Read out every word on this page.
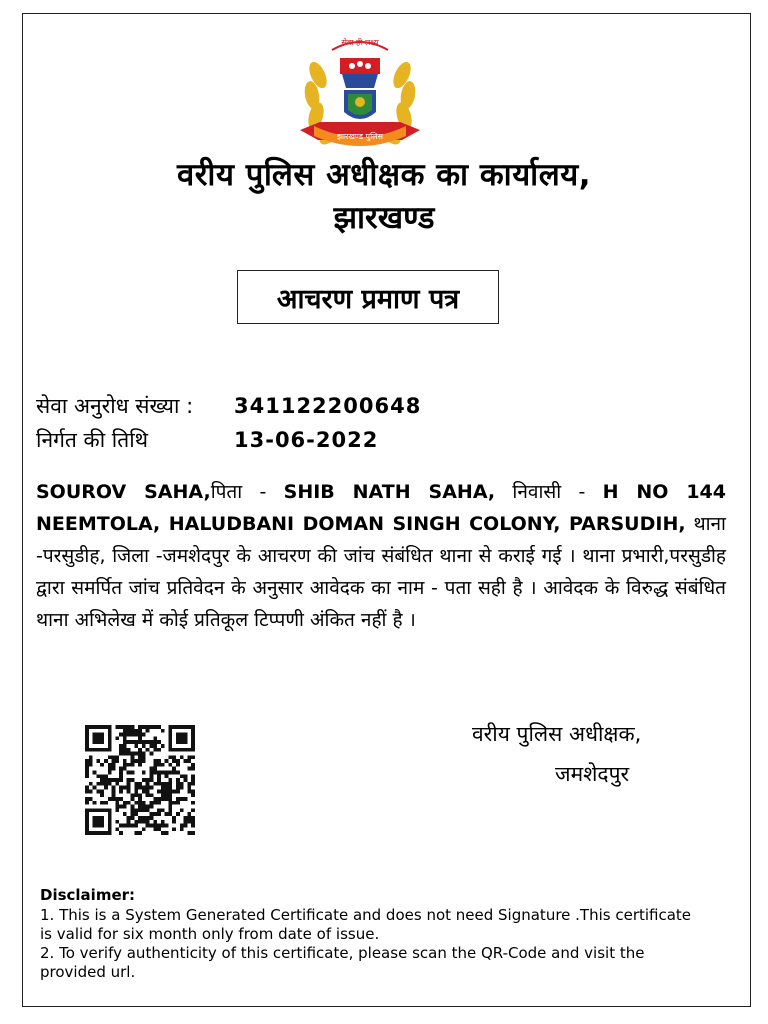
सेवा ही लक्ष्य
झारखण्ड पुलिस
वरीय पुलिस अधीक्षक का कार्यालय,
झारखण्ड
आचरण प्रमाण पत्र
सेवा अनुरोध संख्या : 341122200648
निर्गत की तिथि	13-06-2022
SOUROV SAHA,पिता - SHIB NATH SAHA, निवासी - H NO 144 NEEMTOLA, HALUDBANI DOMAN SINGH COLONY, PARSUDIH, थाना -परसुडीह, जिला -जमशेदपुर के आचरण की जांच संबंधित थाना से कराई गई । थाना प्रभारी,परसुडीह द्वारा समर्पित जांच प्रतिवेदन के अनुसार आवेदक का नाम - पता सही है । आवेदक के विरुद्ध संबंधित थाना अभिलेख में कोई प्रतिकूल टिप्पणी अंकित नहीं है ।
वरीय पुलिस अधीक्षक,
जमशेदपुर
Disclaimer:

1. This is a System Generated Certificate and does not need Signature .This certificate is valid for six month only from date of issue.

2. To verify authenticity of this certificate, please scan the QR-Code and visit the provided url.
